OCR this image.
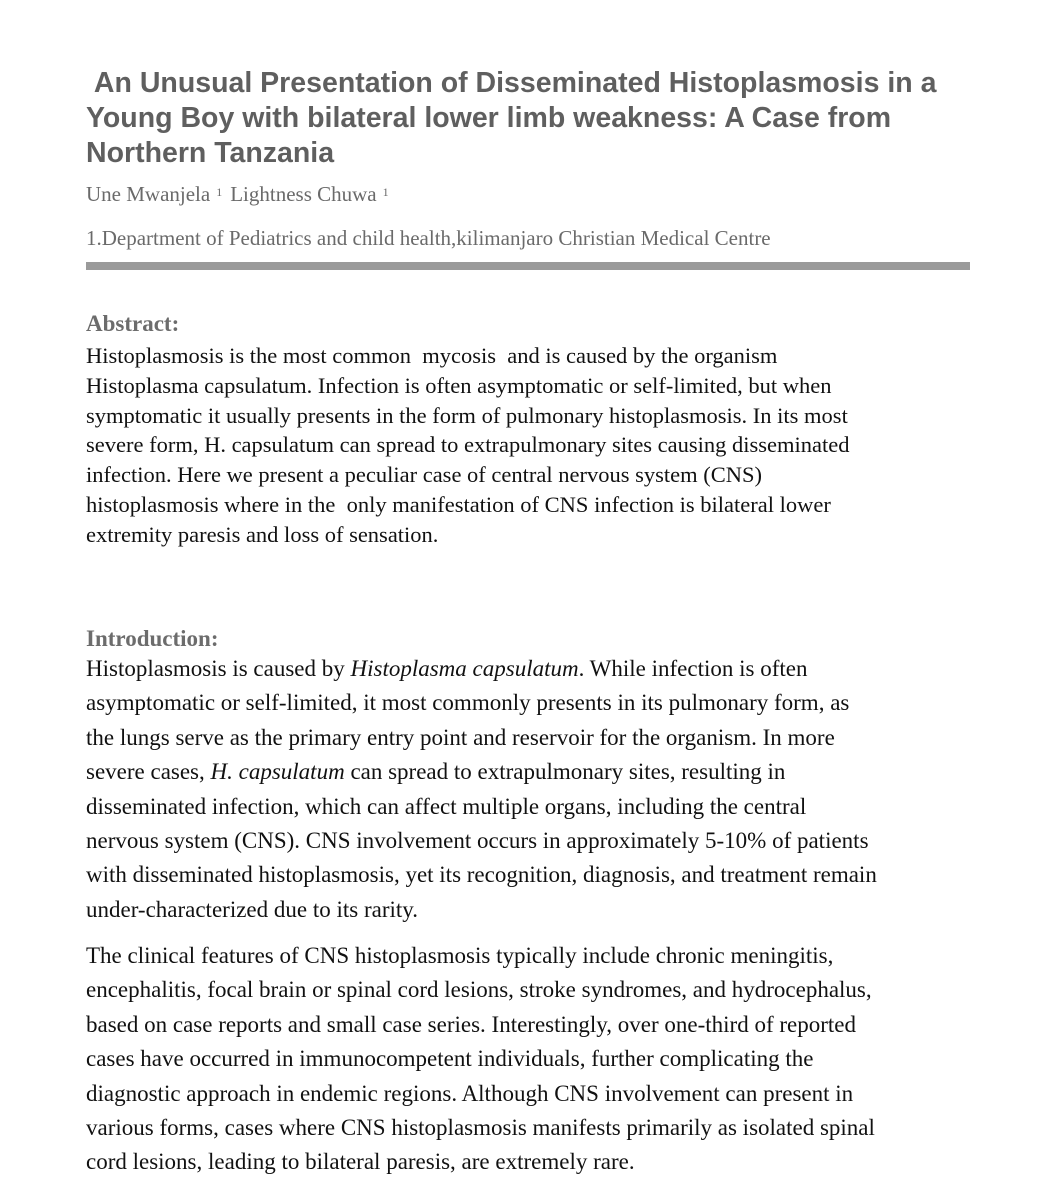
An Unusual Presentation of Disseminated Histoplasmosis in a
Young Boy with bilateral lower limb weakness: A Case from
Northern Tanzania
Une Mwanjela $^1$ Lightness Chuwa $^1$
1.Department of Pediatrics and child health,kilimanjaro Christian Medical Centre
Abstract:

Histoplasmosis is the most common  mycosis  and is caused by the organism
Histoplasma capsulatum. Infection is often asymptomatic or self-limited, but when
symptomatic it usually presents in the form of pulmonary histoplasmosis. In its most
severe form, H. capsulatum can spread to extrapulmonary sites causing disseminated
infection. Here we present a peculiar case of central nervous system (CNS)
histoplasmosis where in the  only manifestation of CNS infection is bilateral lower
extremity paresis and loss of sensation.

Introduction:

Histoplasmosis is caused by Histoplasma capsulatum. While infection is often
asymptomatic or self-limited, it most commonly presents in its pulmonary form, as
the lungs serve as the primary entry point and reservoir for the organism. In more
severe cases, H. capsulatum can spread to extrapulmonary sites, resulting in
disseminated infection, which can affect multiple organs, including the central
nervous system (CNS). CNS involvement occurs in approximately 5-10% of patients
with disseminated histoplasmosis, yet its recognition, diagnosis, and treatment remain
under-characterized due to its rarity.

The clinical features of CNS histoplasmosis typically include chronic meningitis,
encephalitis, focal brain or spinal cord lesions, stroke syndromes, and hydrocephalus,
based on case reports and small case series. Interestingly, over one-third of reported
cases have occurred in immunocompetent individuals, further complicating the
diagnostic approach in endemic regions. Although CNS involvement can present in
various forms, cases where CNS histoplasmosis manifests primarily as isolated spinal
cord lesions, leading to bilateral paresis, are extremely rare.
